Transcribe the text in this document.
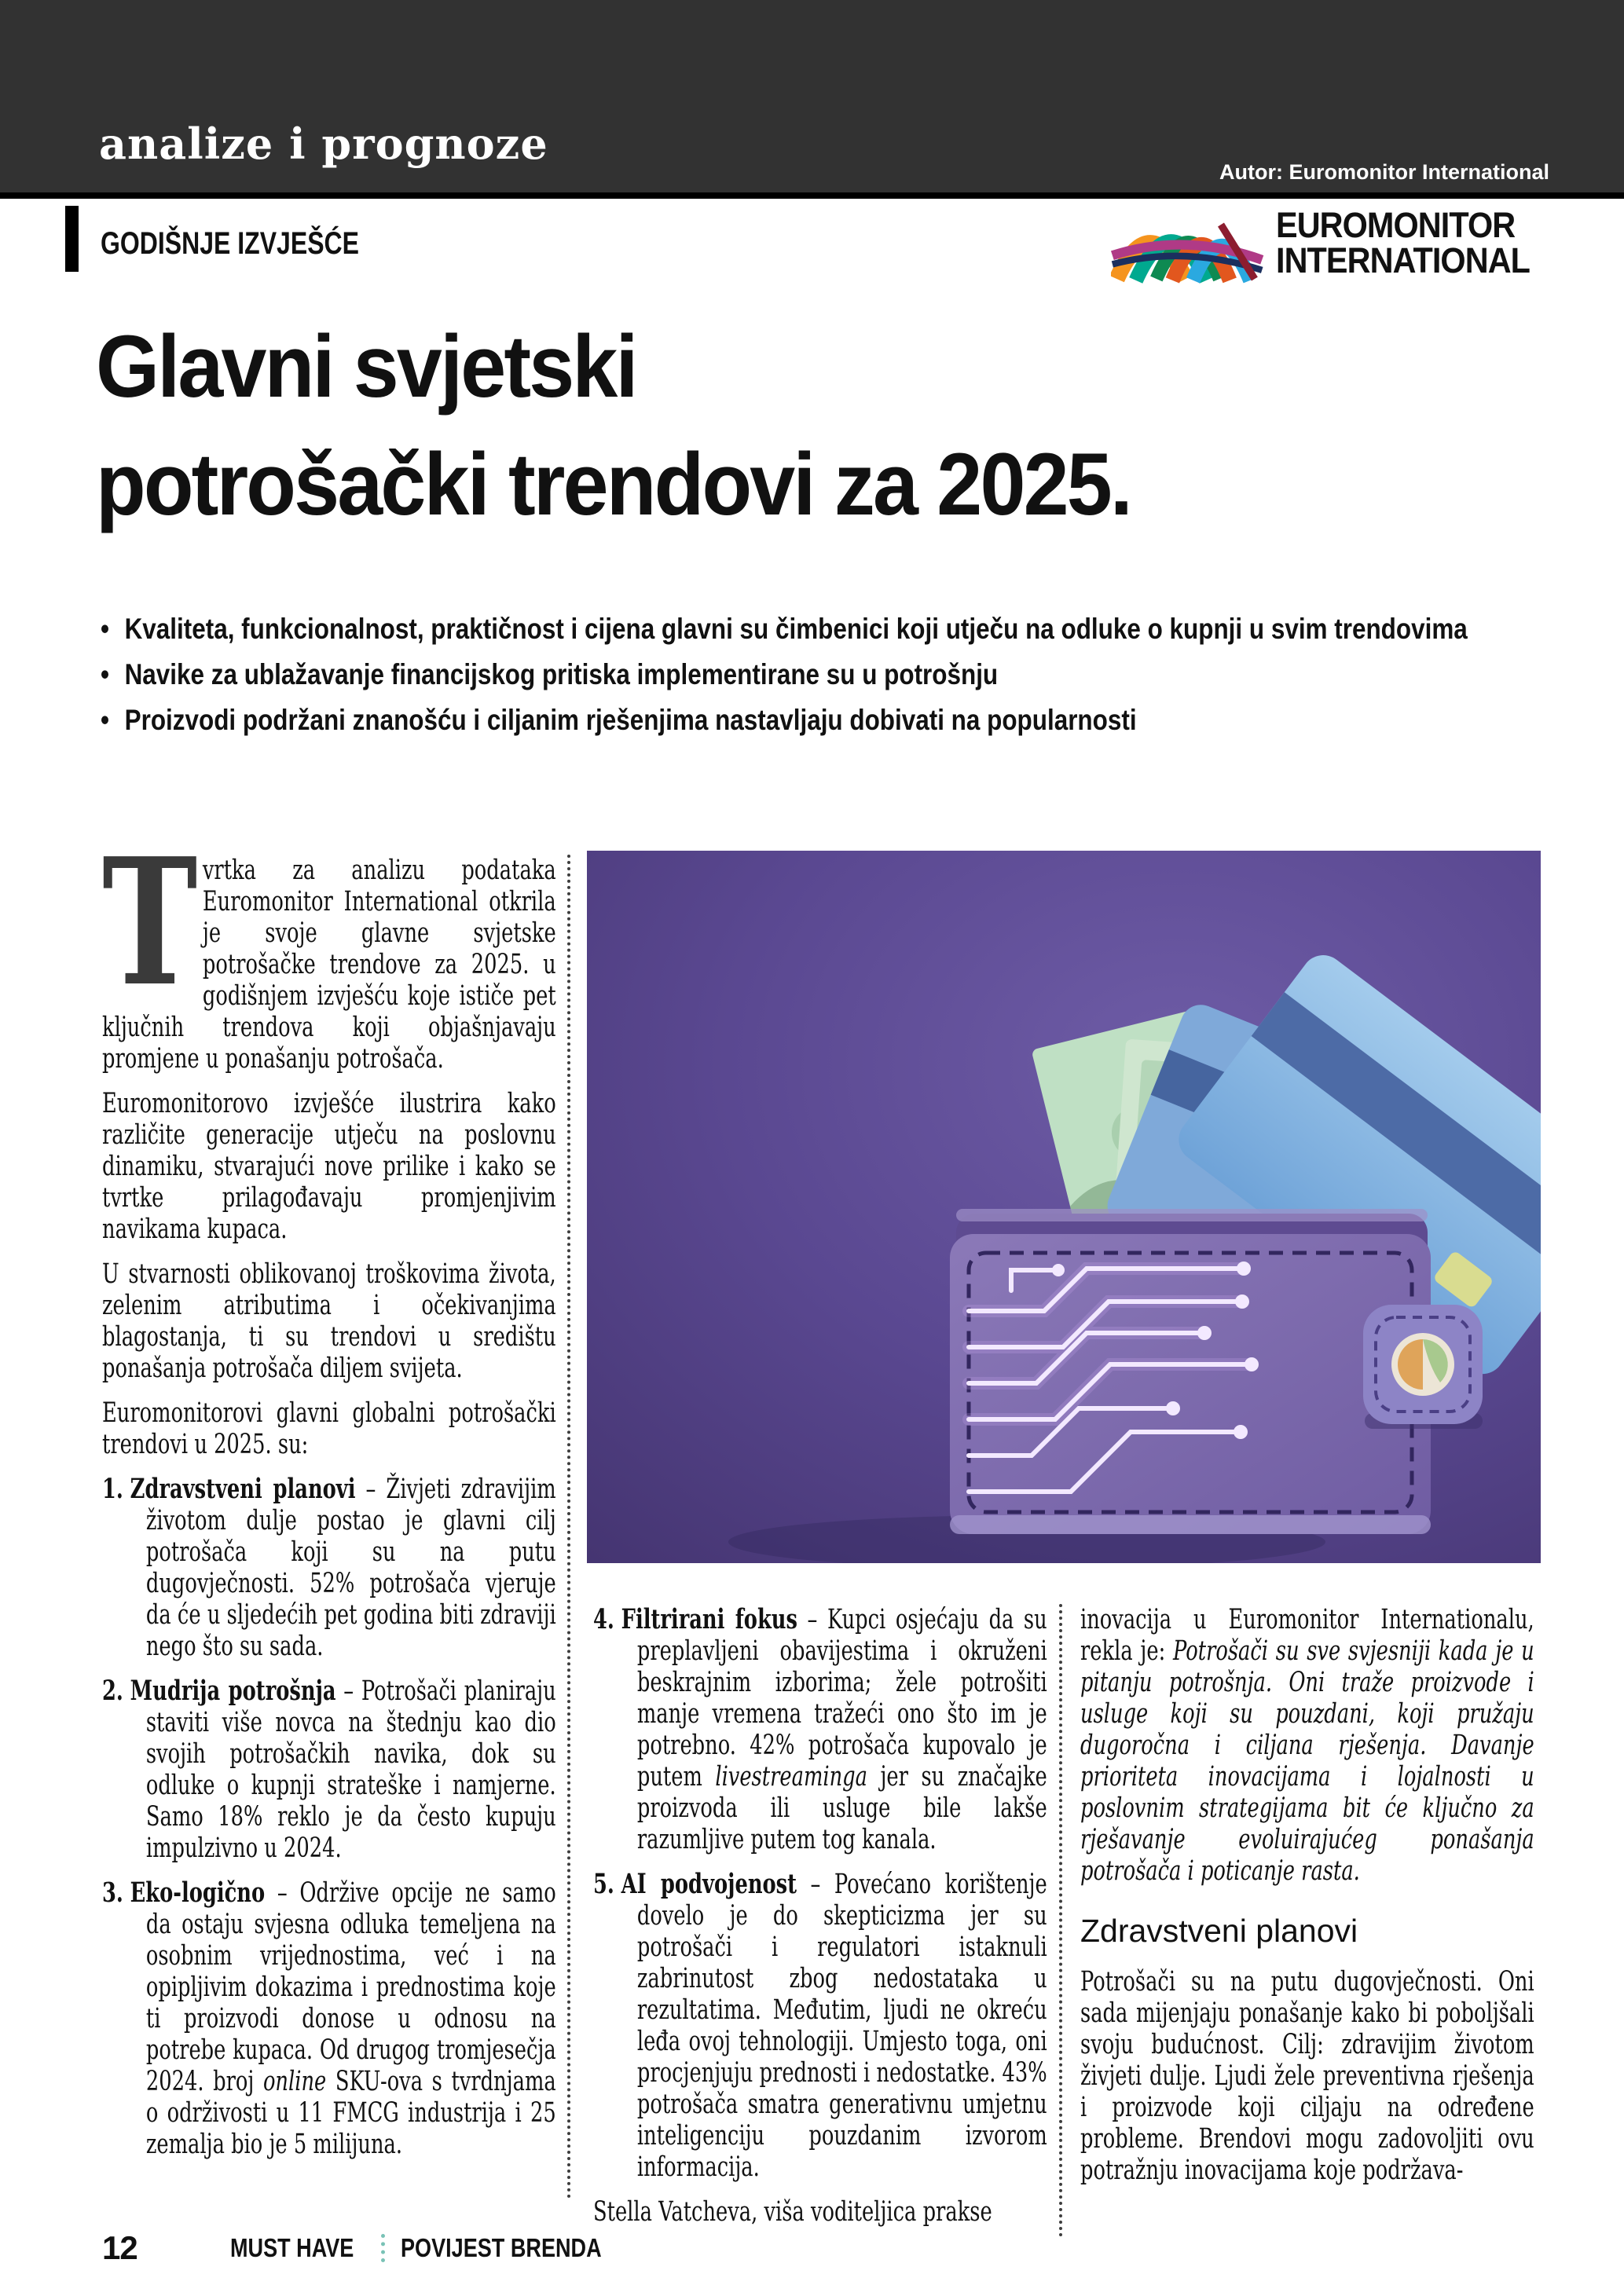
analize i prognoze
Autor: Euromonitor International
GODIŠNJE IZVJEŠĆE	EUROMONITOR
INTERNATIONAL
Glavni svjetski
potrošački trendovi za 2025.
• Kvaliteta, funkcionalnost, praktičnost i cijena glavni su čimbenici koji utječu na odluke o kupnji u svim trendovima
• Navike za ublažavanje financijskog pritiska implementirane su u potrošnju
• Proizvodi podržani znanošću i ciljanim rješenjima nastavljaju dobivati na popularnosti

Tvrtka za analizu podataka Euromonitor International otkrila je svoje glavne svjetske potrošačke trendove za 2025. u godišnjem izvješću koje ističe pet ključnih trendova koji objašnjavaju promjene u ponašanju potrošača.

Euromonitorovo izvješće ilustrira kako različite generacije utječu na poslovnu dinamiku, stvarajući nove prilike i kako se tvrtke prilagođavaju promjenjivim navikama kupaca.

U stvarnosti oblikovanoj troškovima života, zelenim atributima i očekivanjima blagostanja, ti su trendovi u središtu ponašanja potrošača diljem svijeta.

Euromonitorovi glavni globalni potrošački trendovi u 2025. su:

1. Zdravstveni planovi – Živjeti zdravijim životom dulje postao je glavni cilj potrošača koji su na putu dugovječnosti. 52% potrošača vjeruje da će u sljedećih pet godina biti zdraviji nego što su sada.
2. Mudrija potrošnja – Potrošači planiraju staviti više novca na štednju kao dio svojih potrošačkih navika, dok su odluke o kupnji strateške i namjerne. Samo 18% reklo je da često kupuju impulzivno u 2024.
3. Eko-logično – Održive opcije ne samo da ostaju svjesna odluka temeljena na osobnim vrijednostima, već i na opipljivim dokazima i prednostima koje ti proizvodi donose u odnosu na potrebe kupaca. Od drugog tromjesečja 2024. broj online SKU-ova s tvrdnjama o održivosti u 11 FMCG industrija i 25 zemalja bio je 5 milijuna.
4. Filtrirani fokus – Kupci osjećaju da su preplavljeni obavijestima i okruženi beskrajnim izborima; žele potrošiti manje vremena tražeći ono što im je potrebno. 42% potrošača kupovalo je putem livestreaminga jer su značajke proizvoda ili usluge bile lakše razumljive putem tog kanala.
5. AI podvojenost – Povećano korištenje dovelo je do skepticizma jer su potrošači i regulatori istaknuli zabrinutost zbog nedostataka u rezultatima. Međutim, ljudi ne okreću leđa ovoj tehnologiji. Umjesto toga, oni procjenjuju prednosti i nedostatke. 43% potrošača smatra generativnu umjetnu inteligenciju pouzdanim izvorom informacija.

Stella Vatcheva, viša voditeljica prakse

inovacija u Euromonitor Internationalu, rekla je: Potrošači su sve svjesniji kada je u pitanju potrošnja. Oni traže proizvode i usluge koji su pouzdani, koji pružaju dugoročna i ciljana rješenja. Davanje prioriteta inovacijama i lojalnosti u poslovnim strategijama bit će ključno za rješavanje evoluirajućeg ponašanja potrošača i poticanje rasta.

Zdravstveni planovi

Potrošači su na putu dugovječnosti. Oni sada mijenjaju ponašanje kako bi poboljšali svoju budućnost. Cilj: zdravijim životom živjeti dulje. Ljudi žele preventivna rješenja i proizvode koji ciljaju na određene probleme. Brendovi mogu zadovoljiti ovu potražnju inovacijama koje podržava-

12	MUST HAVE POVIJEST BRENDA
